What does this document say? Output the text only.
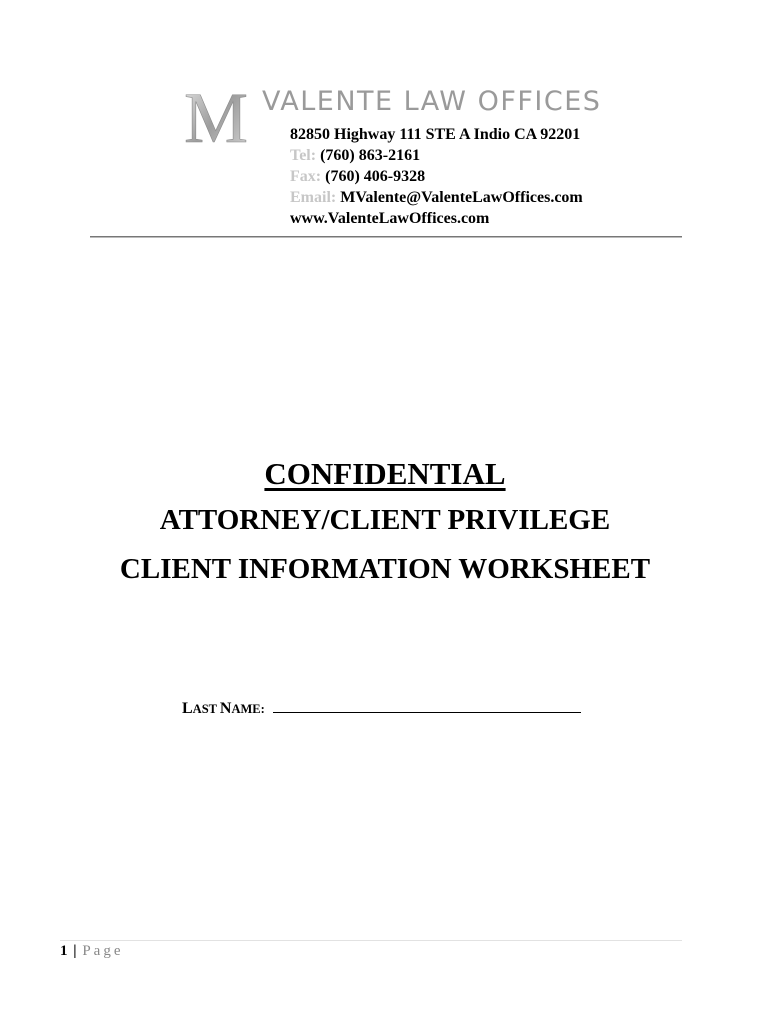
M VALENTE LAW OFFICES
82850 Highway 111 STE A Indio CA 92201
Tel: (760) 863-2161
Fax: (760) 406-9328
Email: MValente@ValenteLawOffices.com
www.ValenteLawOffices.com
CONFIDENTIAL
ATTORNEY/CLIENT PRIVILEGE
CLIENT INFORMATION WORKSHEET
LAST NAME:
1 | Page
